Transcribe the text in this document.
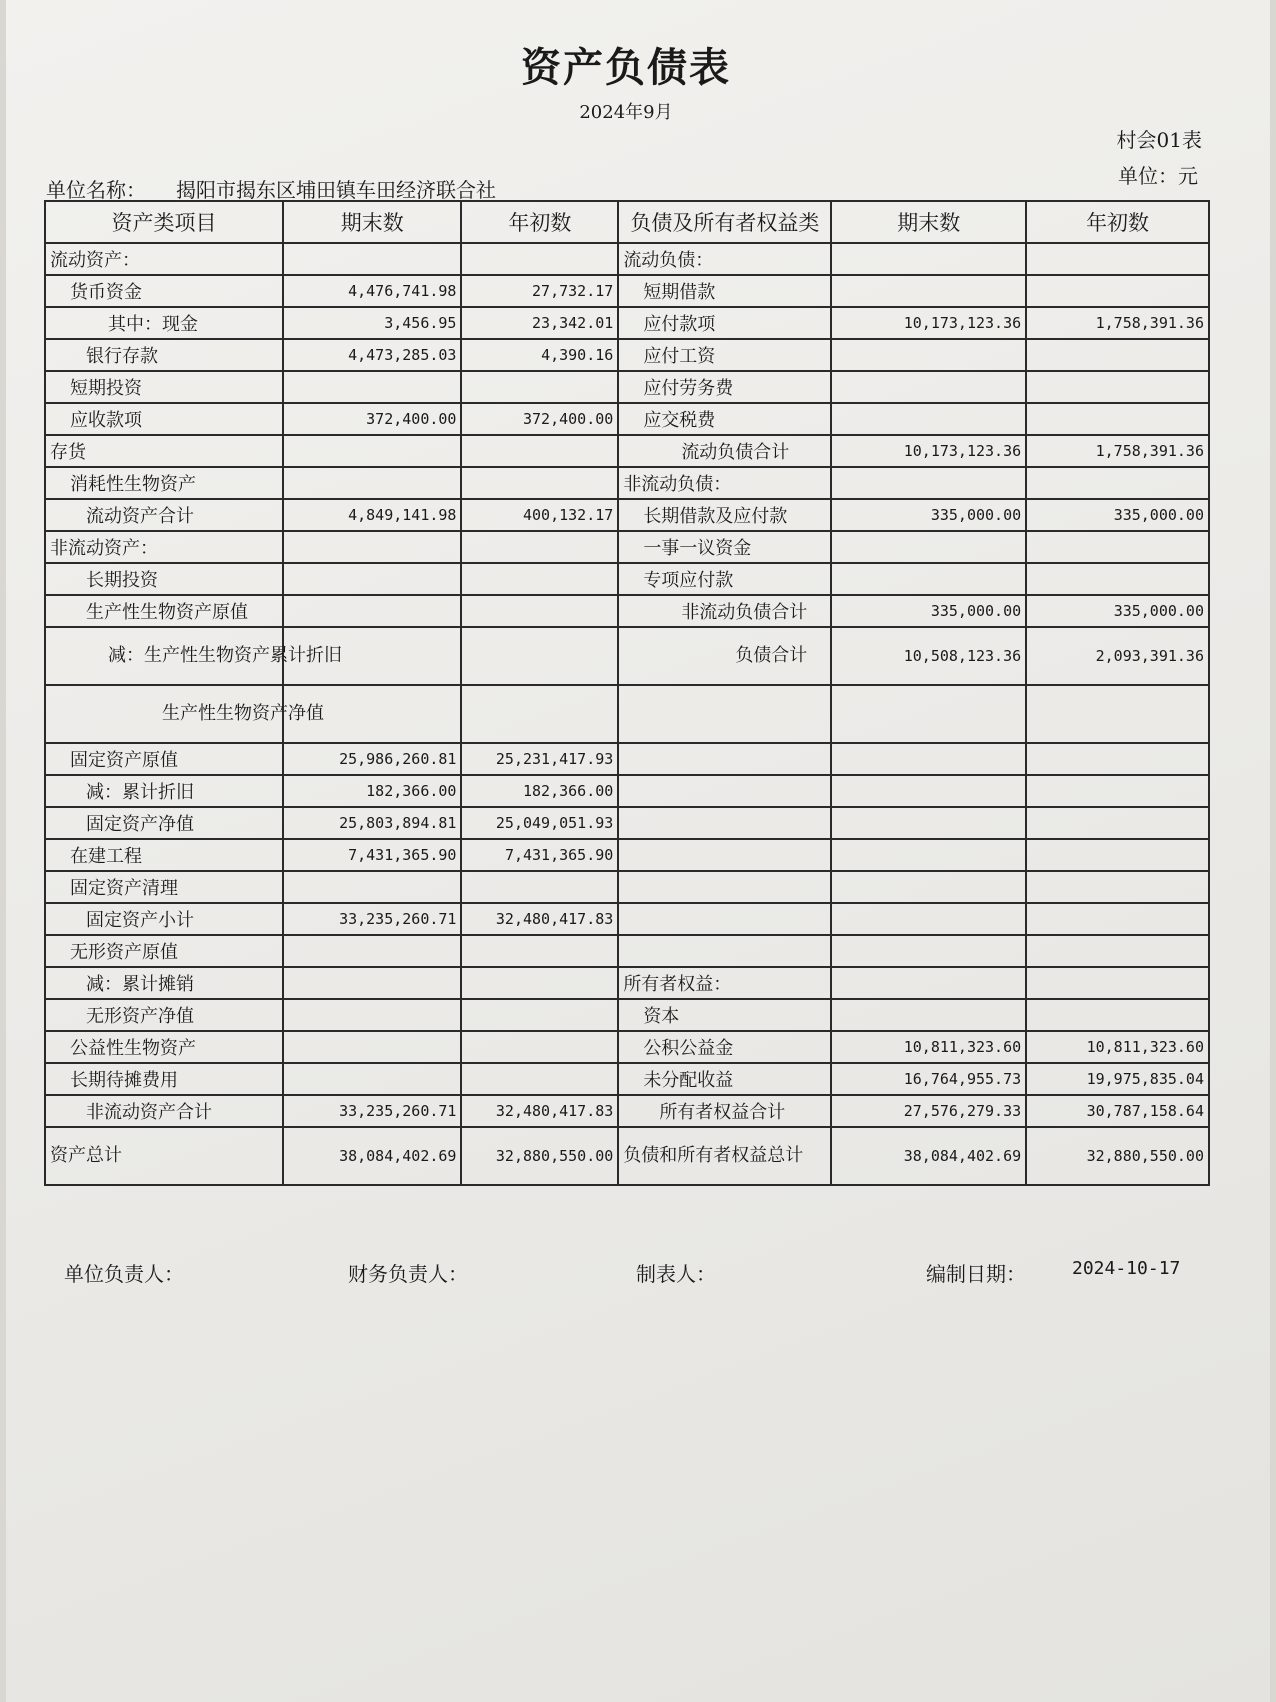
资产负债表
2024年9月
村会01表
单位：元
单位名称： 揭阳市揭东区埔田镇车田经济联合社
资产类项目	期末数	年初数	负债及所有者权益类	期末数	年初数
流动资产：			流动负债：		
货币资金	4,476,741.98	27,732.17	短期借款		
其中：现金	3,456.95	23,342.01	应付款项	10,173,123.36	1,758,391.36
银行存款	4,473,285.03	4,390.16	应付工资		
短期投资			应付劳务费		
应收款项	372,400.00	372,400.00	应交税费		
存货			流动负债合计	10,173,123.36	1,758,391.36
消耗性生物资产			非流动负债：		
流动资产合计	4,849,141.98	400,132.17	长期借款及应付款	335,000.00	335,000.00
非流动资产：			一事一议资金		
长期投资			专项应付款		
生产性生物资产原值			非流动负债合计	335,000.00	335,000.00
减：生产性生物资产累计折旧			负债合计	10,508,123.36	2,093,391.36
生产性生物资产净值					
固定资产原值	25,986,260.81	25,231,417.93			
减：累计折旧	182,366.00	182,366.00			
固定资产净值	25,803,894.81	25,049,051.93			
在建工程	7,431,365.90	7,431,365.90			
固定资产清理					
固定资产小计	33,235,260.71	32,480,417.83			
无形资产原值					
减：累计摊销			所有者权益：		
无形资产净值			资本		
公益性生物资产			公积公益金	10,811,323.60	10,811,323.60
长期待摊费用			未分配收益	16,764,955.73	19,975,835.04
非流动资产合计	33,235,260.71	32,480,417.83	所有者权益合计	27,576,279.33	30,787,158.64
资产总计	38,084,402.69	32,880,550.00	负债和所有者权益总计	38,084,402.69	32,880,550.00
单位负责人：	财务负责人：	制表人：	编制日期：	2024-10-17
